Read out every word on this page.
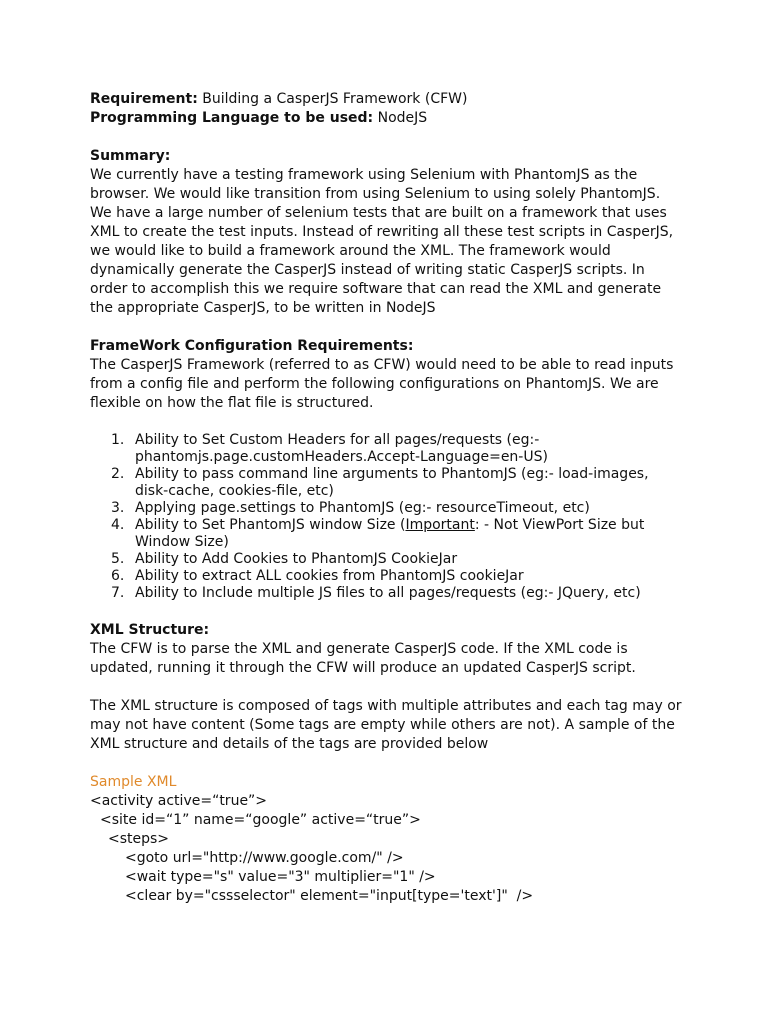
Requirement: Building a CasperJS Framework (CFW)

Programming Language to be used: NodeJS

Summary:

We currently have a testing framework using Selenium with PhantomJS as the

browser. We would like transition from using Selenium to using solely PhantomJS.

We have a large number of selenium tests that are built on a framework that uses

XML to create the test inputs. Instead of rewriting all these test scripts in CasperJS,

we would like to build a framework around the XML. The framework would

dynamically generate the CasperJS instead of writing static CasperJS scripts. In

order to accomplish this we require software that can read the XML and generate

the appropriate CasperJS, to be written in NodeJS

FrameWork Configuration Requirements:

The CasperJS Framework (referred to as CFW) would need to be able to read inputs

from a config file and perform the following configurations on PhantomJS. We are

flexible on how the flat file is structured.

1. Ability to Set Custom Headers for all pages/requests (eg:-
phantomjs.page.customHeaders.Accept-Language=en-US)
2. Ability to pass command line arguments to PhantomJS (eg:- load-images,
disk-cache, cookies-file, etc)
3. Applying page.settings to PhantomJS (eg:- resourceTimeout, etc)
4. Ability to Set PhantomJS window Size (Important: - Not ViewPort Size but
Window Size)
5. Ability to Add Cookies to PhantomJS CookieJar
6. Ability to extract ALL cookies from PhantomJS cookieJar
7. Ability to Include multiple JS files to all pages/requests (eg:- JQuery, etc)

XML Structure:

The CFW is to parse the XML and generate CasperJS code. If the XML code is

updated, running it through the CFW will produce an updated CasperJS script.

The XML structure is composed of tags with multiple attributes and each tag may or

may not have content (Some tags are empty while others are not). A sample of the

XML structure and details of the tags are provided below

Sample XML

<activity active=“true”>

<site id=“1” name=“google” active=“true”>

<steps>

<goto url="http://www.google.com/" />

<wait type="s" value="3" multiplier="1" />

<clear by="cssselector" element="input[type='text']"  />
